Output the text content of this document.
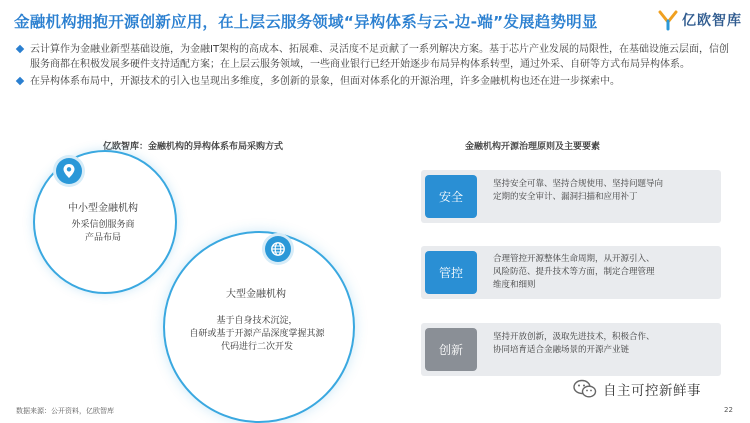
金融机构拥抱开源创新应用，在上层云服务领域“异构体系与云-边-端”发展趋势明显	亿欧智库
云计算作为金融业新型基础设施，为金融IT架构的高成本、拓展难、灵活度不足贡献了一系列解决方案。基于芯片产业发展的局限性，在基础设施云层面，信创服务商都在积极发展多硬件支持适配方案；在上层云服务领域，一些商业银行已经开始逐步布局异构体系转型，通过外采、自研等方式布局异构体系。
在异构体系布局中，开源技术的引入也呈现出多维度，多创新的景象，但面对体系化的开源治理，许多金融机构也还在进一步探索中。
亿欧智库：金融机构的异构体系布局采购方式
中小型金融机构
外采信创服务商
产品布局
大型金融机构
基于自身技术沉淀，
自研或基于开源产品深度掌握其源
代码进行二次开发
金融机构开源治理原则及主要要素
安全
坚持安全可靠、坚持合规使用、坚持问题导向
定期的安全审计、漏洞扫描和应用补丁
管控
合理管控开源整体生命周期，从开源引入、
风险防范、提升技术等方面，制定合理管理
维度和细则
创新
坚持开放创新，汲取先进技术，积极合作、
协同培育适合金融场景的开源产业链
自主可控新鲜事
数据来源：公开资料，亿欧智库	22
